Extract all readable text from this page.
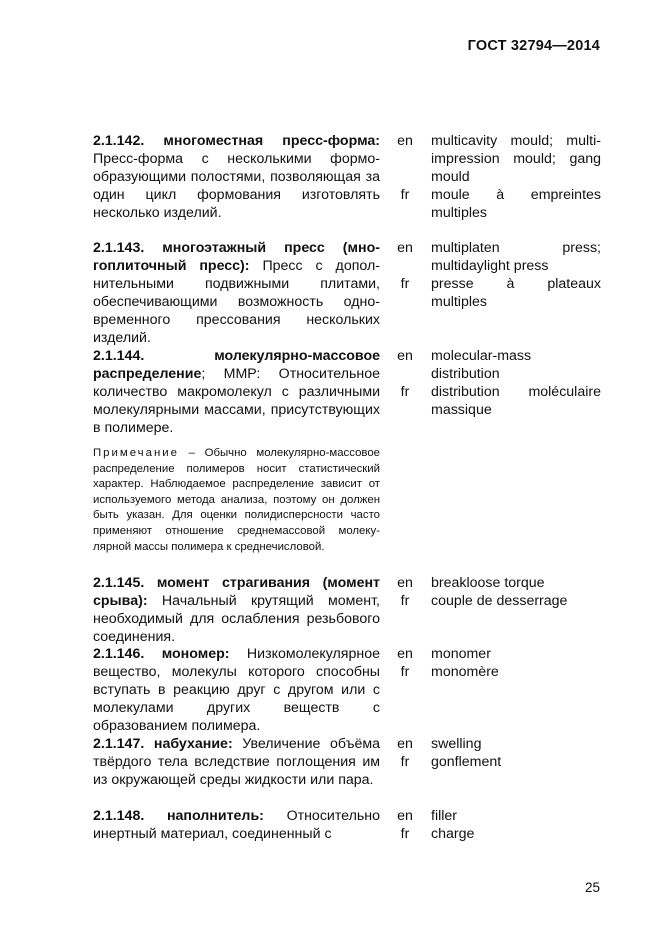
ГОСТ 32794—2014
2.1.142. многоместная пресс-форма: Пресс-форма с несколькими формообразующими полостями, позволяющая за один цикл формования изготовлять несколько изделий.
en
fr

multicavity mould; multi-impression mould; gang mould

moule à empreintes multiples

2.1.143. многоэтажный пресс (многоплиточный пресс): Пресс с дополнительными подвижными плитами, обеспечивающими возможность одновременного прессования нескольких изделий.
en
fr

multiplaten press; multidaylight press

presse à plateaux multiples

2.1.144.	молекулярно-массовое распределение; ММР: Относительное количество макромолекул с различными молекулярными массами, присутствующих в полимере.
en
fr

molecular-mass distribution

distribution moléculaire massique

Примечание – Обычно молекулярно-массовое распределение полимеров носит статистический характер. Наблюдаемое распределение зависит от используемого метода анализа, поэтому он должен быть указан. Для оценки полидисперсности часто применяют отношение среднемассовой молекулярной массы полимера к среднечисловой.
2.1.145. момент страгивания (момент срыва): Начальный крутящий момент, необходимый для ослабления резьбового соединения.
en
fr

breakloose torque

couple de desserrage

2.1.146. мономер: Низкомолекулярное вещество, молекулы которого способны вступать в реакцию друг с другом или с молекулами других веществ с образованием полимера.
en
fr

monomer

monomère

2.1.147. набухание: Увеличение объёма твёрдого тела вследствие поглощения им из окружающей среды жидкости или пара.
en
fr

swelling

gonflement

2.1.148. наполнитель: Относительно инертный материал, соединенный с
en
fr

filler

charge

25
